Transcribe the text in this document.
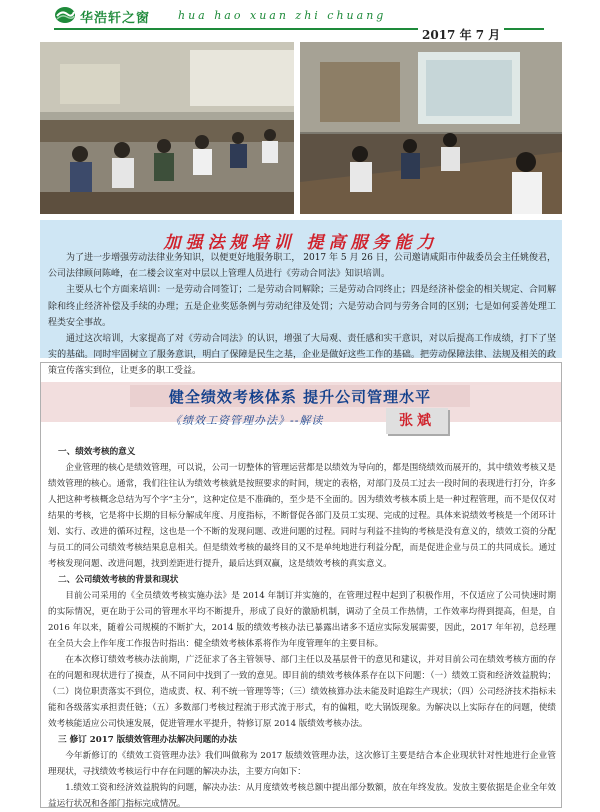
华浩轩之窗	hua hao xuan zhi chuang
2017 年 7 月
加强法规培训 提高服务能力

为了进一步增强劳动法律业务知识，以便更好地服务职工， 2017 年 5 月 26 日，公司邀请咸阳市仲裁委员会主任姚俊君，公司法律顾问陈峰，在二楼会议室对中层以上管理人员进行《劳动合同法》知识培训。

主要从七个方面来培训：一是劳动合同签订；二是劳动合同解除；三是劳动合同终止；四是经济补偿金的相关规定、合同解除和终止经济补偿及手续的办理；五是企业奖惩条例与劳动纪律及处罚；六是劳动合同与劳务合同的区别；七是如何妥善处理工程类安全事故。

通过这次培训，大家提高了对《劳动合同法》的认识，增强了大局观、责任感和实干意识，对以后提高工作成绩，打下了坚实的基础。同时牢固树立了服务意识，明白了保障是民生之基，企业是做好这些工作的基础。把劳动保障法律、法规及相关的政策宣传落实到位，让更多的职工受益。

健全绩效考核体系 提升公司管理水平
《绩效工资管理办法》--解读	张斌
一、绩效考核的意义

企业管理的核心是绩效管理，可以说，公司一切整体的管理运营都是以绩效为导向的，都是围绕绩效而展开的，其中绩效考核又是绩效管理的核心。通常，我们往往认为绩效考核就是按照要求的时间，规定的表格，对部门及员工过去一段时间的表现进行打分，许多人把这种考核概念总结为写个字“主分”，这种定位是不准确的，至少是不全面的。因为绩效考核本质上是一种过程管理，而不是仅仅对结果的考核，它是将中长期的目标分解成年度、月度指标，不断督促各部门及员工实现、完成的过程。具体来说绩效考核是一个闭环计划、实行、改进的循环过程，这也是一个不断的发现问题、改进问题的过程。同时与利益不挂钩的考核是没有意义的，绩效工资的分配与员工的同公司绩效考核结果息息相关。但是绩效考核的最终目的又不是单纯地进行利益分配，而是促进企业与员工的共同成长。通过考核发现问题、改进问题，找到差距进行提升，最后达到双赢，这是绩效考核的真实意义。

二、公司绩效考核的背景和现状

目前公司采用的《全员绩效考核实施办法》是 2014 年制订并实施的，在管理过程中起到了积极作用，不仅适应了公司快速时期的实际情况，更在助于公司的管理水平均不断提升，形成了良好的激励机制，调动了全员工作热情，工作效率均得到提高，但是，自 2016 年以来，随着公司规模的不断扩大，2014 版的绩效考核办法已暴露出诸多不适应实际发展需要，因此，2017 年年初，总经理在全员大会上作年度工作报告时指出：健全绩效考核体系将作为年度管理年的主要目标。

在本次修订绩效考核办法前期，广泛征求了各主管领导、部门主任以及基层骨干的意见和建议，并对目前公司在绩效考核方面的存在的问题和现状进行了摸查，从不同问中找到了一致的意见。即目前的绩效考核体系存在以下问题：（一）绩效工资和经济效益脱钩；（二）岗位职责落实不到位，造成责、权、利不统一管理等等；（三）绩效核算办法未能及时追踪生产现状；（四）公司经济技术指标未能和各级落实承担责任链；（五）多数部门考核过程流于形式流于形式，有的偏粗，吃大锅饭现象。为解决以上实际存在的问题，使绩效考核能适应公司快速发展，促进管理水平提升，特修订原 2014 版绩效考核办法。

三 修订 2017 版绩效管理办法解决问题的办法

今年新修订的《绩效工资管理办法》我们叫做称为 2017 版绩效管理办法，这次修订主要是结合本企业现状针对性地进行企业管理现状，寻找绩效考核运行中存在问题的解决办法，主要方向如下：

1.绩效工资和经济效益脱钩的问题，解决办法：从月度绩效考核总额中提出部分数额，放在年终发放。发放主要依据是企业全年效益运行状况和各部门指标完成情况。
